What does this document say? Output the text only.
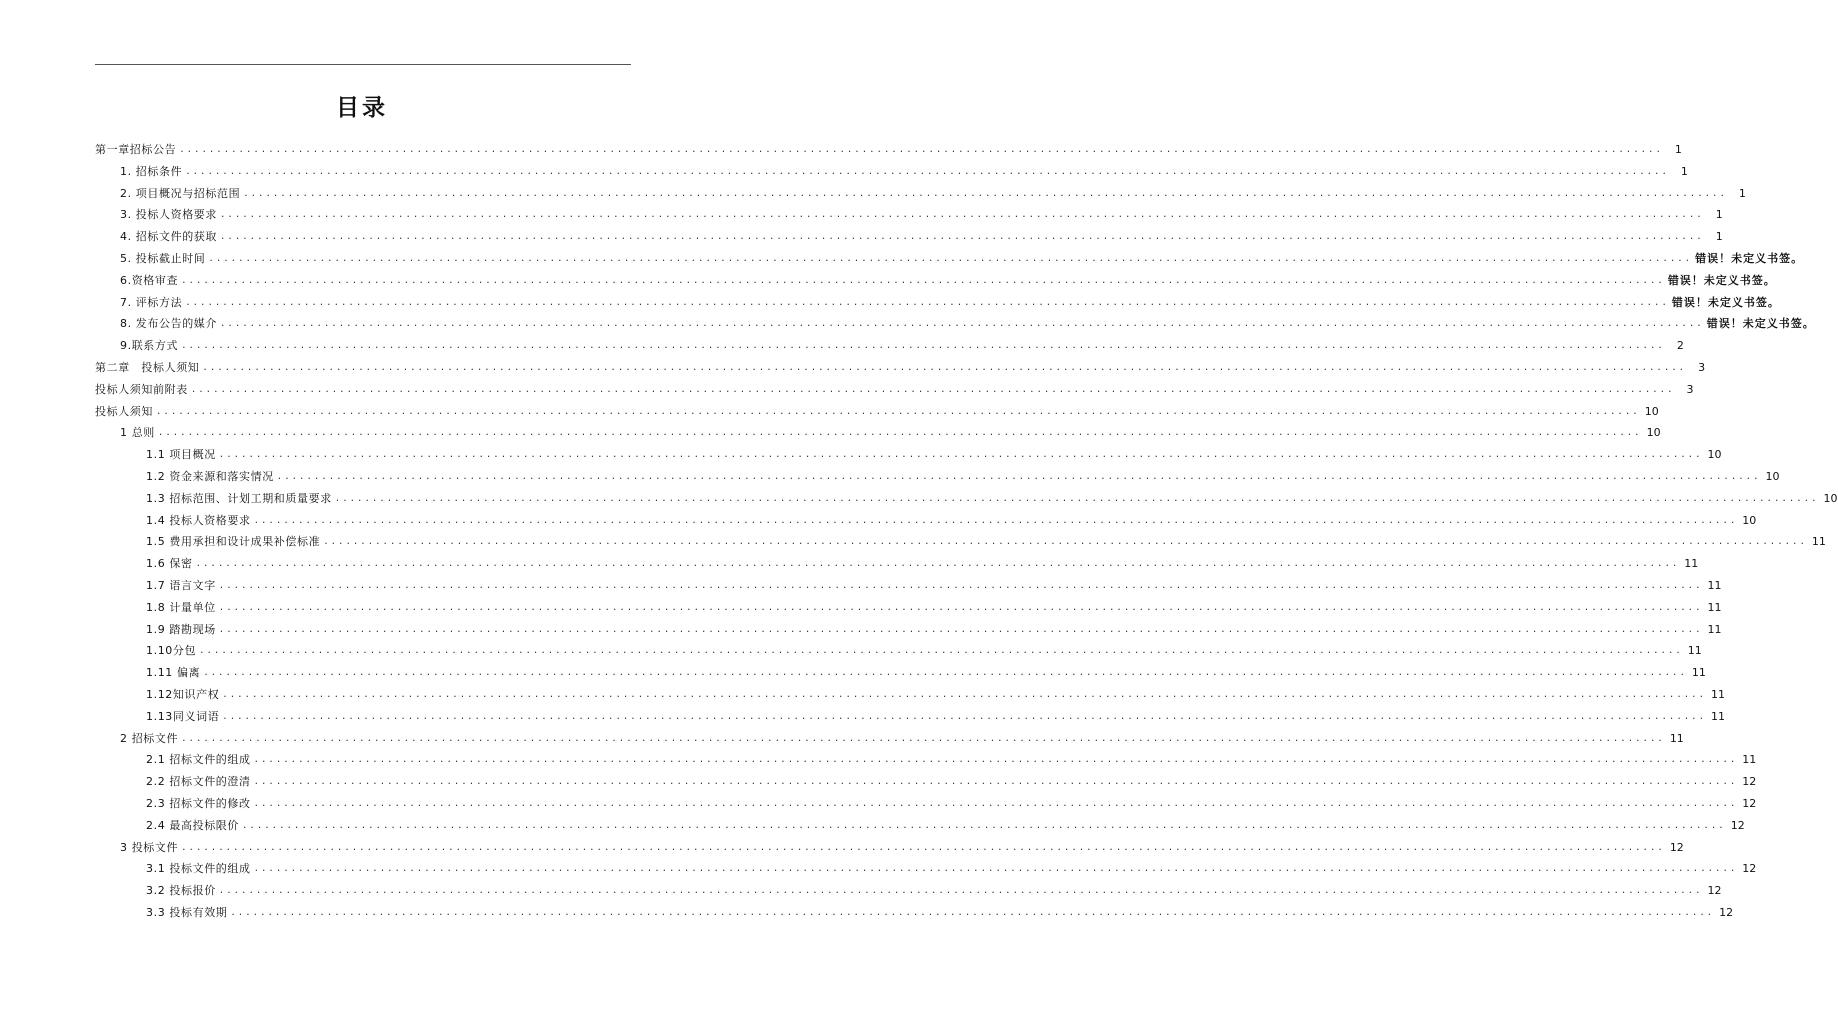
目录
第一章招标公告 ........................................................................................................................................................................................................	1
1. 招标条件 ........................................................................................................................................................................................................	1
2. 项目概况与招标范围 ........................................................................................................................................................................................................	1
3. 投标人资格要求 ........................................................................................................................................................................................................	1
4. 招标文件的获取 ........................................................................................................................................................................................................	1
5. 投标截止时间 ........................................................................................................................................................................................................ 错误！未定义书签。
6.资格审查 ........................................................................................................................................................................................................ 错误！未定义书签。
7. 评标方法 ........................................................................................................................................................................................................ 错误！未定义书签。
8. 发布公告的媒介 ........................................................................................................................................................................................................ 错误！未定义书签。
9.联系方式 ........................................................................................................................................................................................................	2
第二章　投标人须知 ........................................................................................................................................................................................................	3
投标人须知前附表 ........................................................................................................................................................................................................	3
投标人须知 ........................................................................................................................................................................................................ 10
1 总则 ........................................................................................................................................................................................................ 10
1.1 项目概况 ........................................................................................................................................................................................................ 10
1.2 资金来源和落实情况 ........................................................................................................................................................................................................ 10
1.3 招标范围、计划工期和质量要求 ........................................................................................................................................................................................................ 10
1.4 投标人资格要求 ........................................................................................................................................................................................................ 10
1.5 费用承担和设计成果补偿标准 ........................................................................................................................................................................................................ 11
1.6 保密 ........................................................................................................................................................................................................ 11
1.7 语言文字 ........................................................................................................................................................................................................ 11
1.8 计量单位 ........................................................................................................................................................................................................ 11
1.9 踏勘现场 ........................................................................................................................................................................................................ 11
1.10分包 ........................................................................................................................................................................................................ 11
1.11 偏离 ........................................................................................................................................................................................................ 11
1.12知识产权 ........................................................................................................................................................................................................ 11
1.13同义词语 ........................................................................................................................................................................................................ 11
2 招标文件 ........................................................................................................................................................................................................ 11
2.1 招标文件的组成 ........................................................................................................................................................................................................ 11
2.2 招标文件的澄清 ........................................................................................................................................................................................................ 12
2.3 招标文件的修改 ........................................................................................................................................................................................................ 12
2.4 最高投标限价 ........................................................................................................................................................................................................ 12
3 投标文件 ........................................................................................................................................................................................................ 12
3.1 投标文件的组成 ........................................................................................................................................................................................................ 12
3.2 投标报价 ........................................................................................................................................................................................................ 12
3.3 投标有效期 ........................................................................................................................................................................................................ 12
